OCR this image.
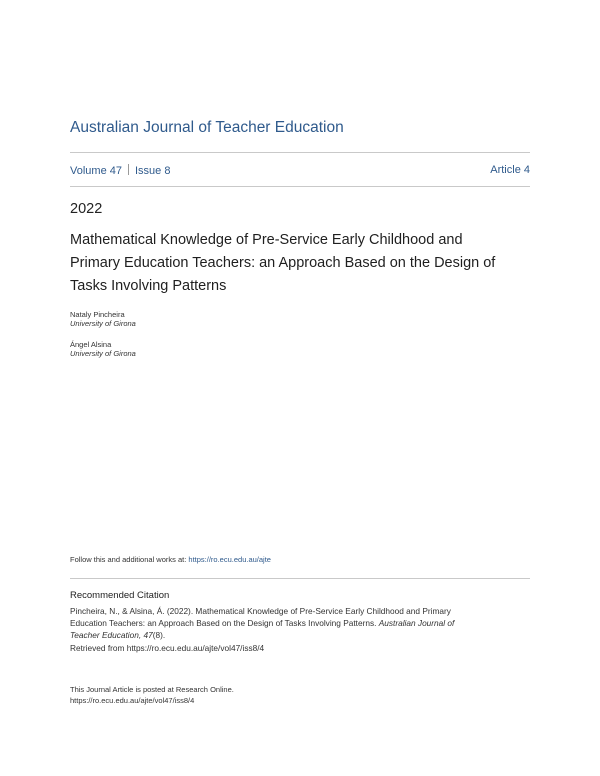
Australian Journal of Teacher Education
Volume 47 Issue 8	Article 4
2022
Mathematical Knowledge of Pre-Service Early Childhood and
Primary Education Teachers: an Approach Based on the Design of
Tasks Involving Patterns
Nataly Pincheira
University of Girona
Ángel Alsina
University of Girona
Follow this and additional works at: https://ro.ecu.edu.au/ajte
Recommended Citation
Pincheira, N., & Alsina, Á. (2022). Mathematical Knowledge of Pre-Service Early Childhood and Primary
Education Teachers: an Approach Based on the Design of Tasks Involving Patterns. Australian Journal of
Teacher Education, 47(8).
Retrieved from https://ro.ecu.edu.au/ajte/vol47/iss8/4
This Journal Article is posted at Research Online.
https://ro.ecu.edu.au/ajte/vol47/iss8/4
